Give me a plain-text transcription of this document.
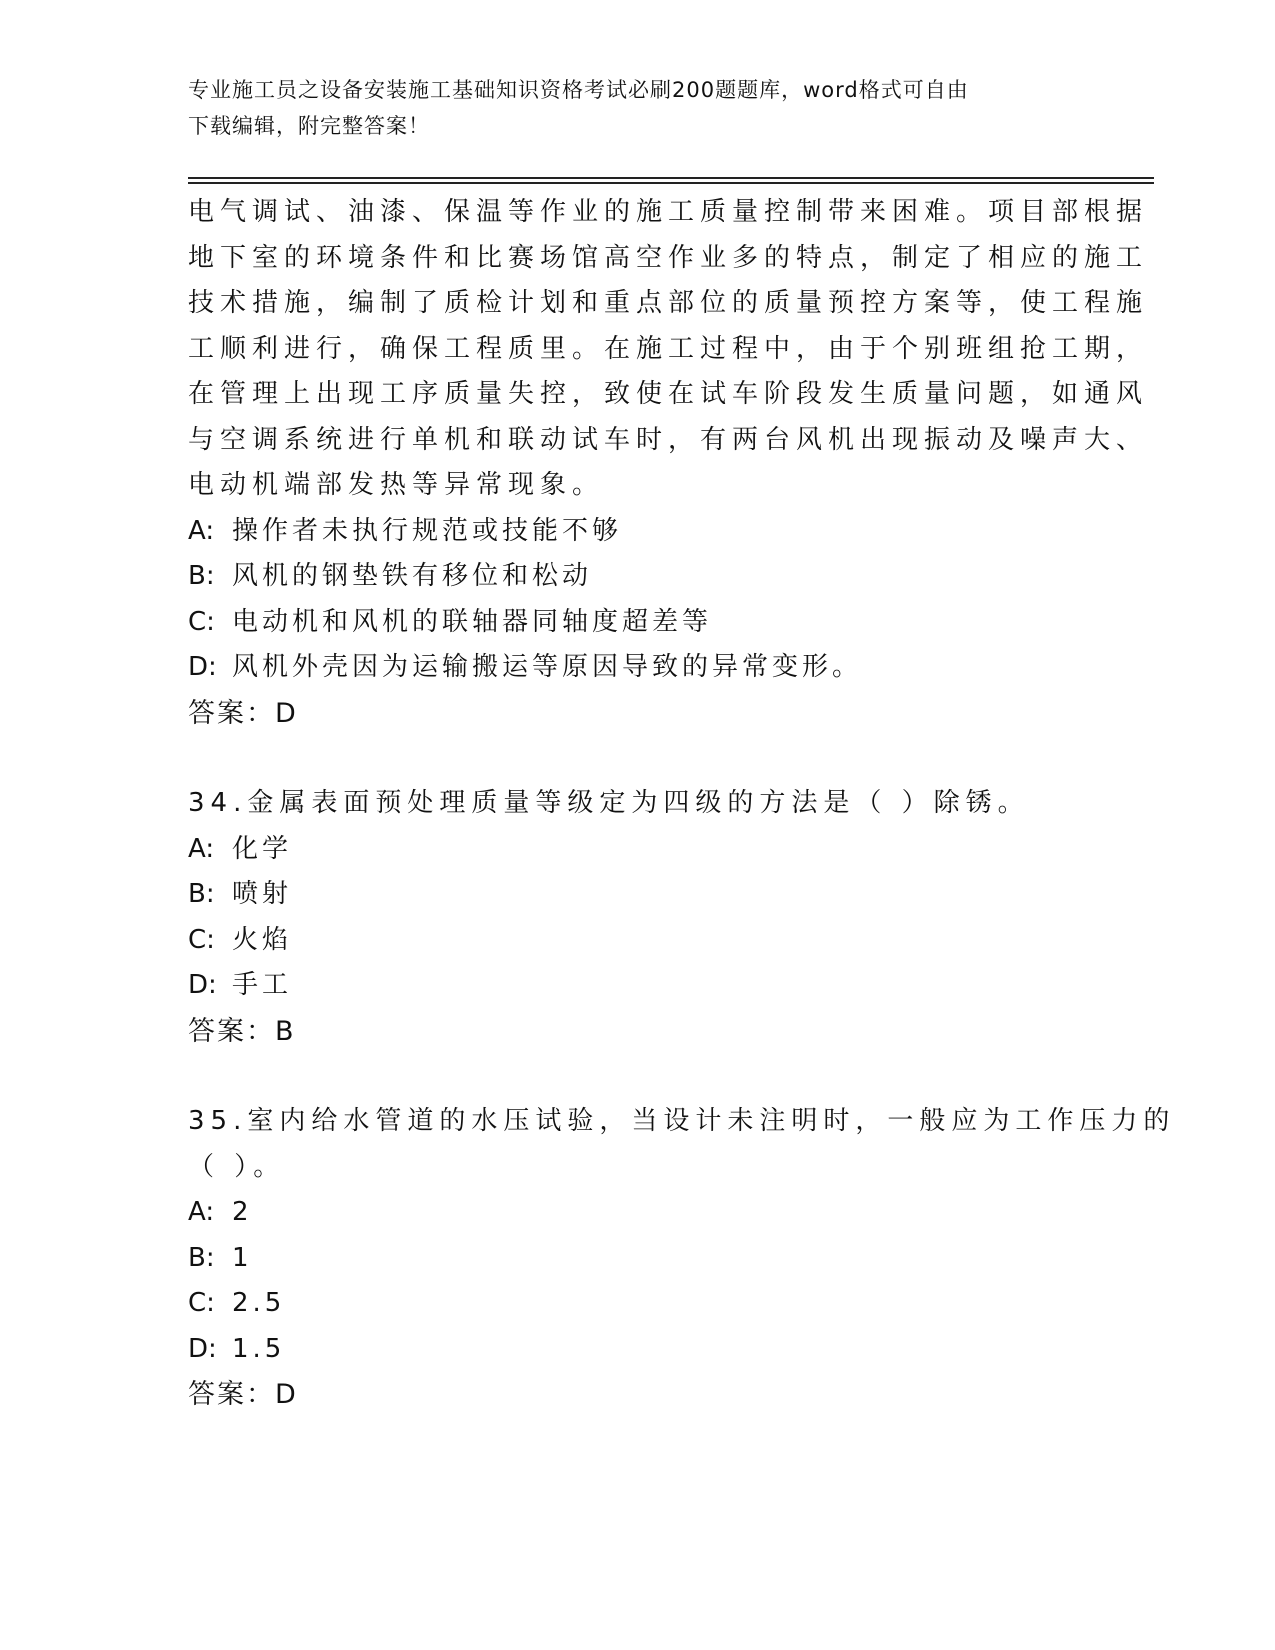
专业施工员之设备安装施工基础知识资格考试必刷200题题库，word格式可自由
下载编辑，附完整答案！
电气调试、油漆、保温等作业的施工质量控制带来困难。项目部根据
地下室的环境条件和比赛场馆高空作业多的特点，制定了相应的施工
技术措施，编制了质检计划和重点部位的质量预控方案等，使工程施
工顺利进行，确保工程质里。在施工过程中，由于个别班组抢工期，
在管理上出现工序质量失控，致使在试车阶段发生质量问题，如通风
与空调系统进行单机和联动试车时，有两台风机出现振动及噪声大、
电动机端部发热等异常现象。
A: 操作者未执行规范或技能不够
B: 风机的钢垫铁有移位和松动
C: 电动机和风机的联轴器同轴度超差等
D: 风机外壳因为运输搬运等原因导致的异常变形。
答案：D
34.金属表面预处理质量等级定为四级的方法是（ ）除锈。
A: 化学
B: 喷射
C: 火焰
D: 手工
答案：B
35.室内给水管道的水压试验，当设计未注明时，一般应为工作压力的
（ ）。
A: 2
B: 1
C: 2.5
D: 1.5
答案：D
